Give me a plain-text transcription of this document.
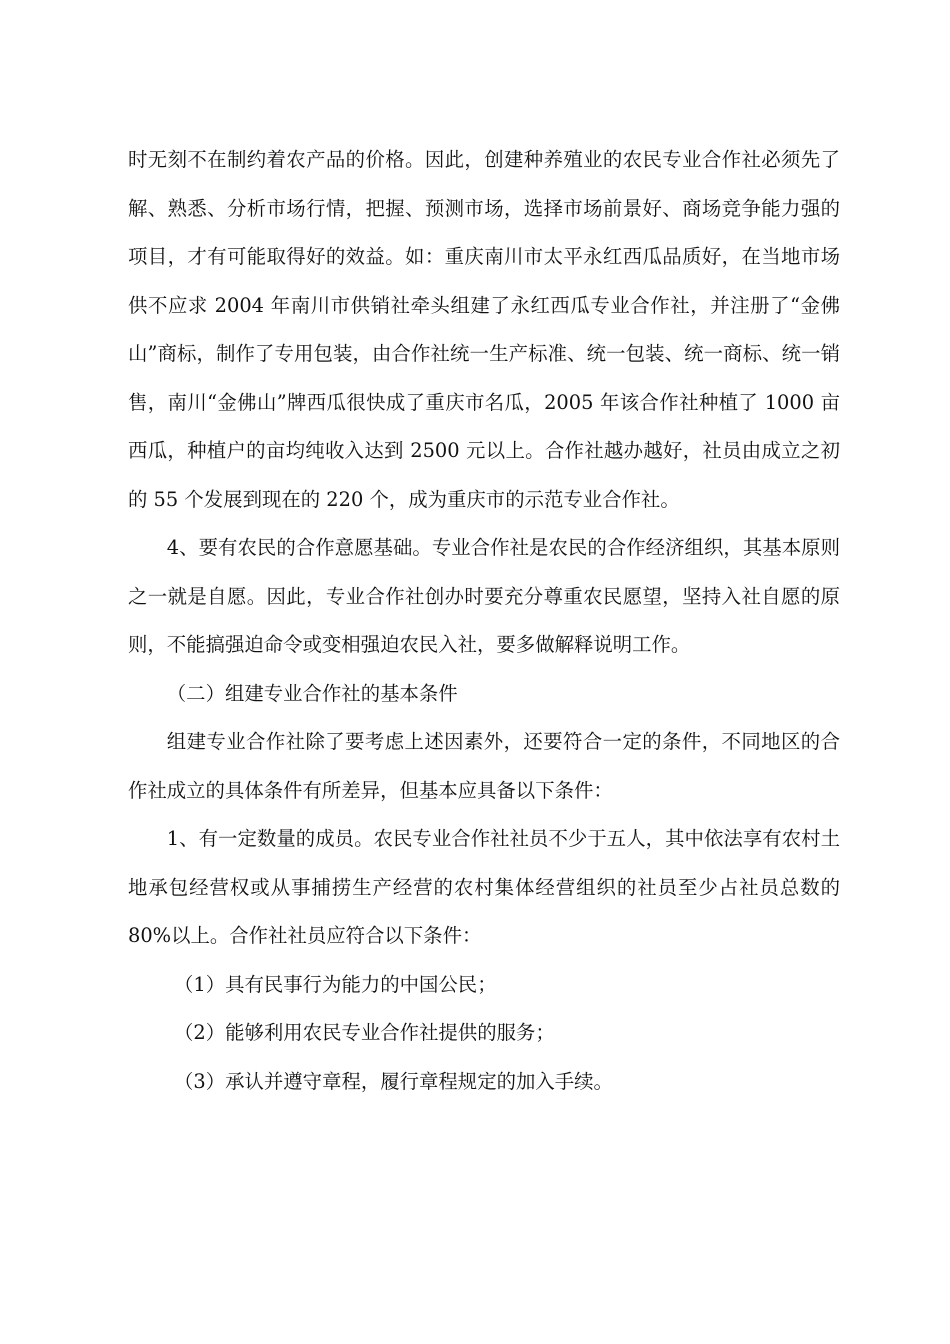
时无刻不在制约着农产品的价格。因此，创建种养殖业的农民专业合作社必须先了解、熟悉、分析市场行情，把握、预测市场，选择市场前景好、商场竞争能力强的项目，才有可能取得好的效益。如：重庆南川市太平永红西瓜品质好，在当地市场供不应求 2004 年南川市供销社牵头组建了永红西瓜专业合作社，并注册了“金佛山”商标，制作了专用包装，由合作社统一生产标准、统一包装、统一商标、统一销售，南川“金佛山”牌西瓜很快成了重庆市名瓜，2005 年该合作社种植了 1000 亩西瓜，种植户的亩均纯收入达到 2500 元以上。合作社越办越好，社员由成立之初的 55 个发展到现在的 220 个，成为重庆市的示范专业合作社。

4、要有农民的合作意愿基础。专业合作社是农民的合作经济组织，其基本原则之一就是自愿。因此，专业合作社创办时要充分尊重农民愿望，坚持入社自愿的原则，不能搞强迫命令或变相强迫农民入社，要多做解释说明工作。

（二）组建专业合作社的基本条件

组建专业合作社除了要考虑上述因素外，还要符合一定的条件，不同地区的合作社成立的具体条件有所差异，但基本应具备以下条件：

1、有一定数量的成员。农民专业合作社社员不少于五人，其中依法享有农村土地承包经营权或从事捕捞生产经营的农村集体经营组织的社员至少占社员总数的 80%以上。合作社社员应符合以下条件：

（1）具有民事行为能力的中国公民；

（2）能够利用农民专业合作社提供的服务；

（3）承认并遵守章程，履行章程规定的加入手续。
